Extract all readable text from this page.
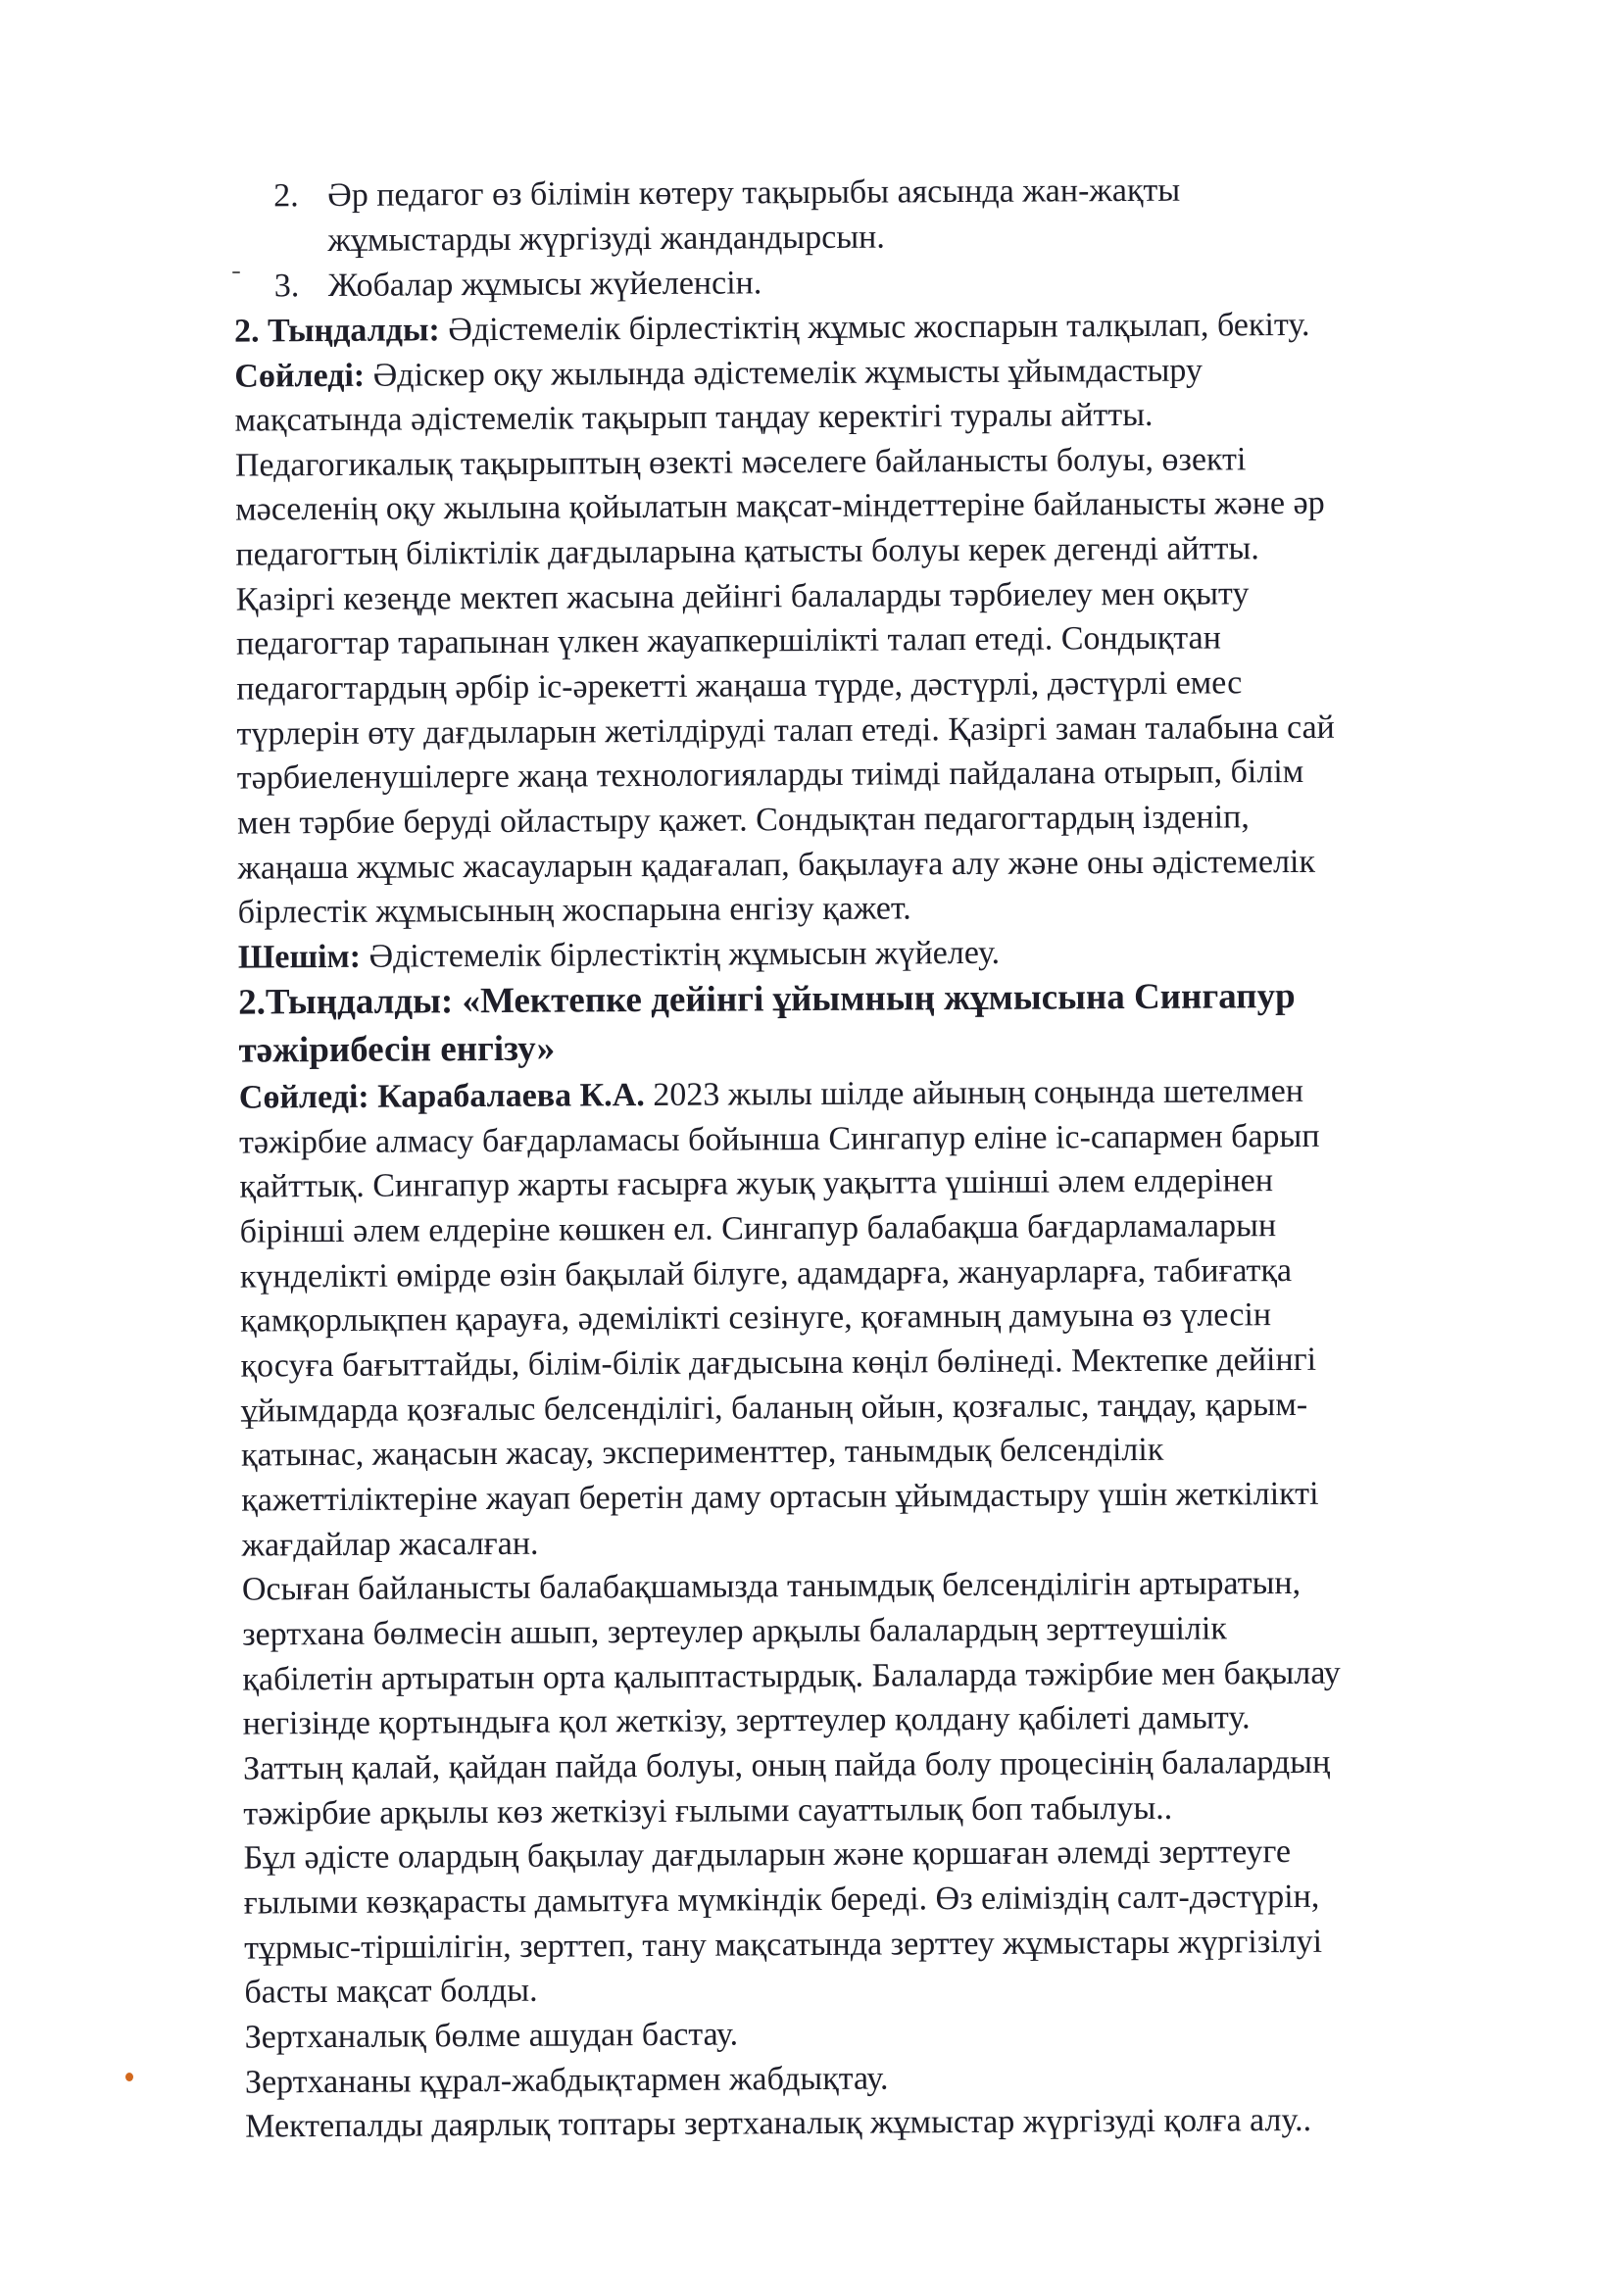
2. Әр педагог өз білімін көтеру тақырыбы аясында жан-жақты
жұмыстарды жүргізуді жандандырсын.
3. Жобалар жұмысы жүйеленсін.
2. Тыңдалды: Әдістемелік бірлестіктің жұмыс жоспарын талқылап, бекіту.
Сөйледі: Әдіскер оқу жылында әдістемелік жұмысты ұйымдастыру
мақсатында әдістемелік тақырып таңдау керектігі туралы айтты.
Педагогикалық тақырыптың өзекті мәселеге байланысты болуы, өзекті
мәселенің оқу жылына қойылатын мақсат-міндеттеріне байланысты және әр
педагогтың біліктілік дағдыларына қатысты болуы керек дегенді айтты.
Қазіргі кезеңде мектеп жасына дейінгі балаларды тәрбиелеу мен оқыту
педагогтар тарапынан үлкен жауапкершілікті талап етеді. Сондықтан
педагогтардың әрбір іс-әрекетті жаңаша түрде, дәстүрлі, дәстүрлі емес
түрлерін өту дағдыларын жетілдіруді талап етеді. Қазіргі заман талабына сай
тәрбиеленушілерге жаңа технологияларды тиімді пайдалана отырып, білім
мен тәрбие беруді ойластыру қажет. Сондықтан педагогтардың ізденіп,
жаңаша жұмыс жасауларын қадағалап, бақылауға алу және оны әдістемелік
бірлестік жұмысының жоспарына енгізу қажет.
Шешім: Әдістемелік бірлестіктің жұмысын жүйелеу.
2.Тыңдалды: «Мектепке дейінгі ұйымның жұмысына Сингапур
тәжірибесін енгізу»
Сөйледі: Карабалаева К.А. 2023 жылы шілде айының соңында шетелмен
тәжірбие алмасу бағдарламасы бойынша Сингапур еліне іс-сапармен барып
қайттық. Сингапур жарты ғасырға жуық уақытта үшінші әлем елдерінен
бірінші әлем елдеріне көшкен ел. Сингапур балабақша бағдарламаларын
күнделікті өмірде өзін бақылай білуге, адамдарға, жануарларға, табиғатқа
қамқорлықпен қарауға, әдемілікті сезінуге, қоғамның дамуына өз үлесін
қосуға бағыттайды, білім-білік дағдысына көңіл бөлінеді. Мектепке дейінгі
ұйымдарда қозғалыс белсенділігі, баланың ойын, қозғалыс, таңдау, қарым-
қатынас, жаңасын жасау, эксперименттер, танымдық белсенділік
қажеттіліктеріне жауап беретін даму ортасын ұйымдастыру үшін жеткілікті
жағдайлар жасалған.
Осыған байланысты балабақшамызда танымдық белсенділігін артыратын,
зертхана бөлмесін ашып, зертеулер арқылы балалардың зерттеушілік
қабілетін артыратын орта қалыптастырдық. Балаларда тәжірбие мен бақылау
негізінде қортындыға қол жеткізу, зерттеулер қолдану қабілеті дамыту.
Заттың қалай, қайдан пайда болуы, оның пайда болу процесінің балалардың
тәжірбие арқылы көз жеткізуі ғылыми сауаттылық боп табылуы..
Бұл әдісте олардың бақылау дағдыларын және қоршаған әлемді зерттеуге
ғылыми көзқарасты дамытуға мүмкіндік береді. Өз еліміздің салт-дәстүрін,
тұрмыс-тіршілігін, зерттеп, тану мақсатында зерттеу жұмыстары жүргізілуі
басты мақсат болды.
Зертханалық бөлме ашудан бастау.
Зертхананы құрал-жабдықтармен жабдықтау.
Мектепалды даярлық топтары зертханалық жұмыстар жүргізуді қолға алу..
